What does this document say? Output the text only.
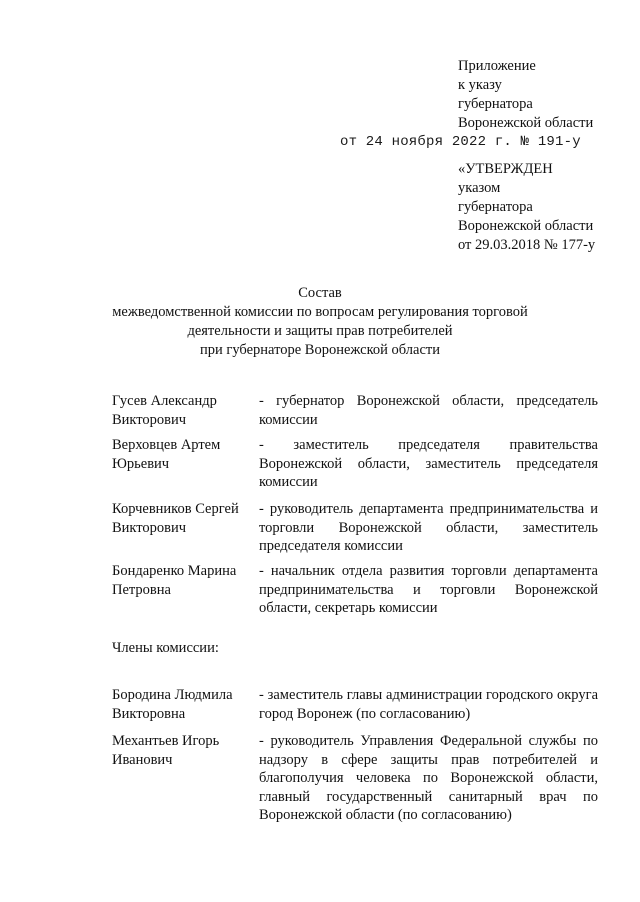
Приложение
к указу
губернатора
Воронежской области
от 24 ноября 2022 г. № 191-у
«УТВЕРЖДЕН
указом
губернатора
Воронежской области
от 29.03.2018 № 177-у
Состав
межведомственной комиссии по вопросам регулирования торговой
деятельности и защиты прав потребителей
при губернаторе Воронежской области
Гусев Александр
Викторович
- губернатор Воронежской области, председатель комиссии
Верховцев Артем
Юрьевич
- заместитель председателя правительства Воронежской области, заместитель председателя комиссии
Корчевников Сергей
Викторович
- руководитель департамента предпринимательства и торговли Воронежской области, заместитель председателя комиссии
Бондаренко Марина
Петровна
- начальник отдела развития торговли департамента предпринимательства и торговли Воронежской области, секретарь комиссии
Члены комиссии:
Бородина Людмила
Викторовна
- заместитель главы администрации городского округа город Воронеж (по согласованию)
Механтьев Игорь
Иванович
- руководитель Управления Федеральной службы по надзору в сфере защиты прав потребителей и благополучия человека по Воронежской области, главный государственный санитарный врач по Воронежской области (по согласованию)
